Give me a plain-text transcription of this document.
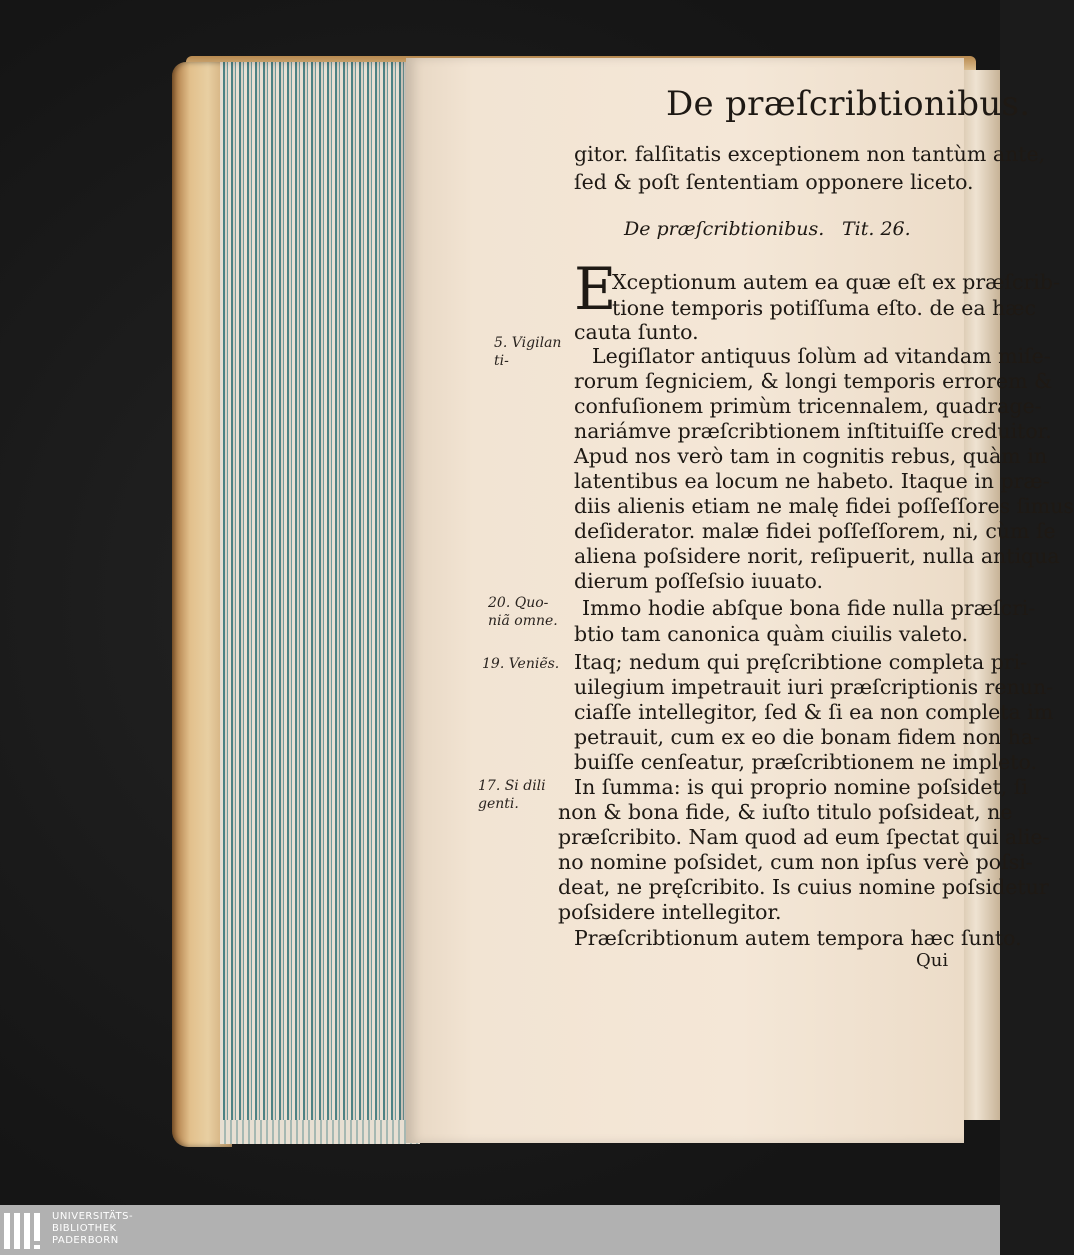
De præſcribtionibus.
gitor. falſitatis exceptionem non tantùm ante,
ſed & poſt ſententiam opponere liceto.
De præſcribtionibus. Tit. 26.
E
Xceptionum autem ea quæ eſt ex præſcrib-
tione temporis potiſſuma eſto. de ea hæc
cauta ſunto.
Legiſlator antiquus ſolùm ad vitandam miſe-
rorum ſegniciem, & longi temporis errorem &
confuſionem primùm tricennalem, quadrage-
nariámve præſcribtionem inſtituiſſe creduitor.
Apud nos verò tam in cognitis rebus, quàm in
latentibus ea locum ne habeto. Itaque in præ-
diis alienis etiam ne malę fidei poſſeſſores ſimus
deſiderator. malæ fidei poſſeſſorem, ni, cùm ſe
aliena poſsidere norit, reſipuerit, nulla antiqua
dierum poſſeſsio iuuato.
Immo hodie abſque bona fide nulla præſcri-
btio tam canonica quàm ciuilis valeto.
Itaq; nedum qui pręſcribtione completa pri-
uilegium impetrauit iuri præſcriptionis renun-
ciaſſe intellegitor, ſed & ſi ea non completa im
petrauit, cum ex eo die bonam fidem non ha-
buiſſe cenſeatur, præſcribtionem ne impleto.
In ſumma: is qui proprio nomine poſsidet, ſi
non & bona fide, & iuſto titulo poſsideat, ne
præſcribito. Nam quod ad eum ſpectat qui alie-
no nomine poſsidet, cum non ipſus verè poſsi-
deat, ne pręſcribito. Is cuius nomine poſsidetur
poſsidere intellegitor.
Præſcribtionum autem tempora hæc ſunto.
Qui
5. Vigilan
ti-
20. Quo-
niã omne.
19. Veniẽs.
17. Si dili
genti.
UNIVERSITÄTS-
BIBLIOTHEK
PADERBORN
